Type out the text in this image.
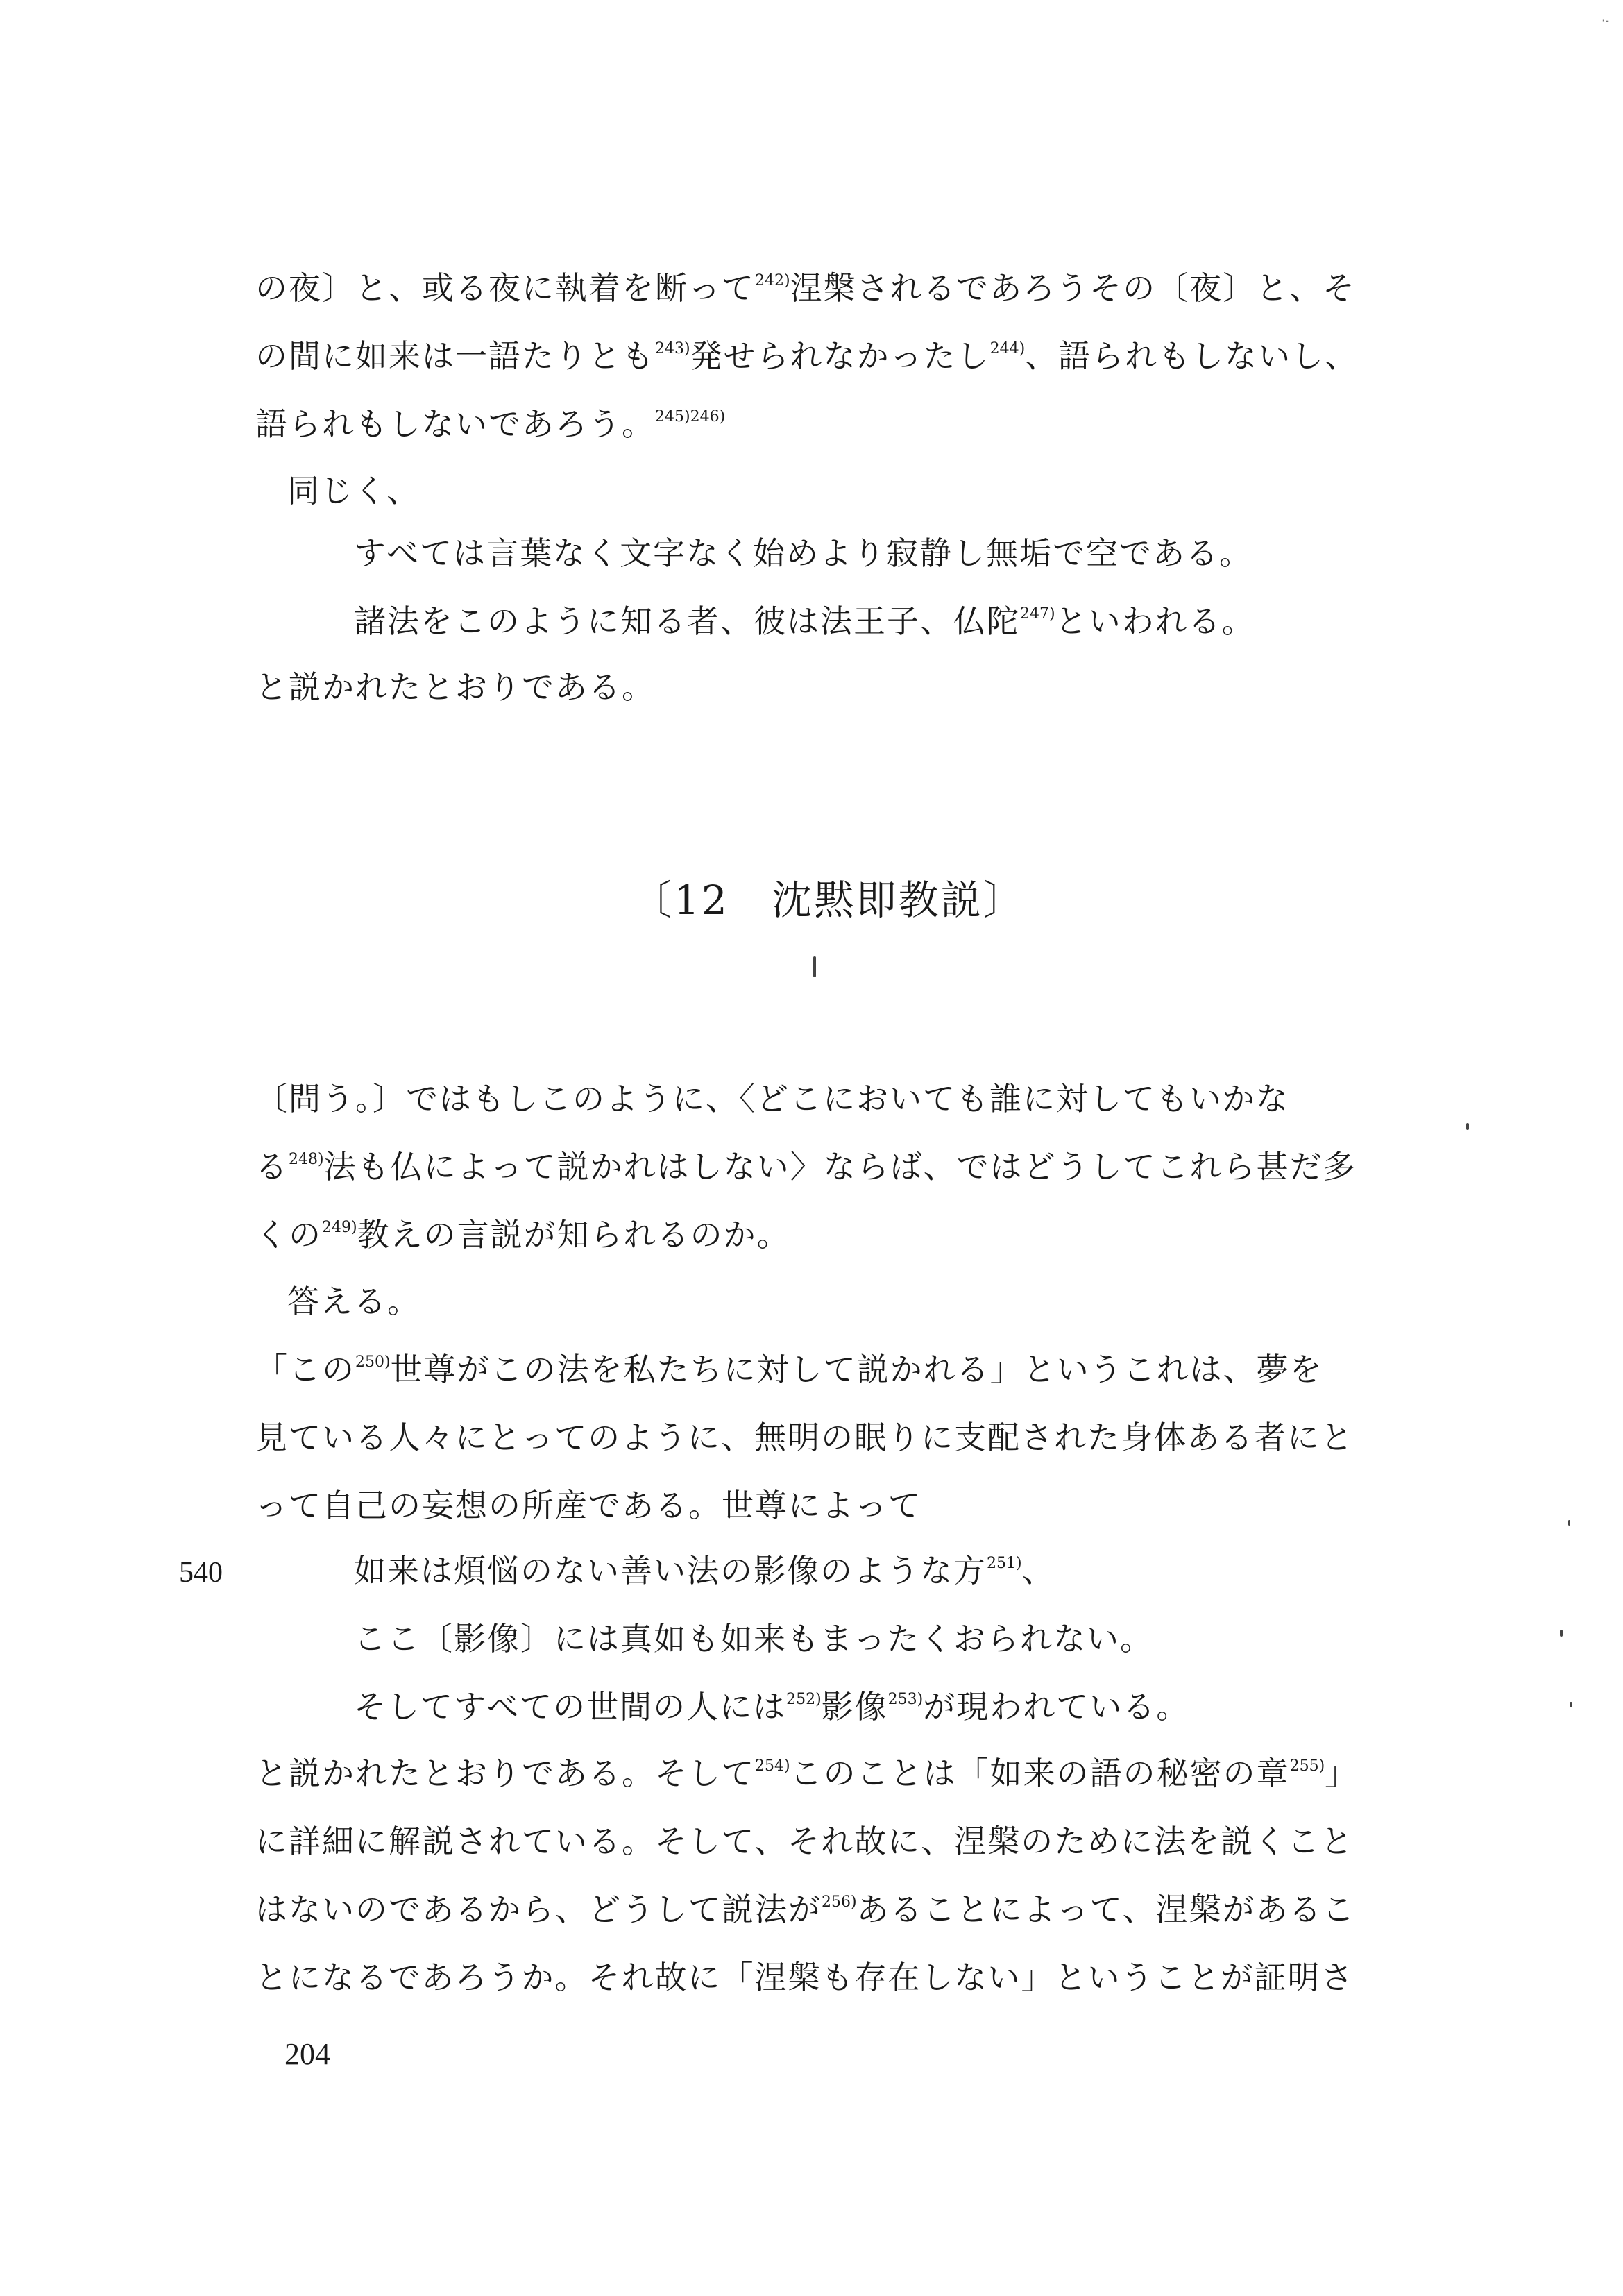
·-
の夜〕と、或る夜に執着を断って$^{242)}$涅槃されるであろうその〔夜〕と、そ
の間に如来は一語たりとも$^{243)}$発せられなかったし$^{244)}$、語られもしないし、
語られもしないであろう。$^{245)246)}$
同じく、
すべては言葉なく文字なく始めより寂静し無垢で空である。
諸法をこのように知る者、彼は法王子、仏陀$^{247)}$といわれる。
と説かれたとおりである。
〔12　沈黙即教説〕
〔問う。〕ではもしこのように、〈どこにおいても誰に対してもいかな
る$^{248)}$法も仏によって説かれはしない〉ならば、ではどうしてこれら甚だ多
くの$^{249)}$教えの言説が知られるのか。
答える。
「この$^{250)}$世尊がこの法を私たちに対して説かれる」というこれは、夢を
見ている人々にとってのように、無明の眠りに支配された身体ある者にと
って自己の妄想の所産である。世尊によって
540	如来は煩悩のない善い法の影像のような方$^{251)}$、
ここ〔影像〕には真如も如来もまったくおられない。
そしてすべての世間の人には$^{252)}$影像$^{253)}$が現われている。
と説かれたとおりである。そして$^{254)}$このことは「如来の語の秘密の章$^{255)}$」
に詳細に解説されている。そして、それ故に、涅槃のために法を説くこと
はないのであるから、どうして説法が$^{256)}$あることによって、涅槃があるこ
とになるであろうか。それ故に「涅槃も存在しない」ということが証明さ
204
